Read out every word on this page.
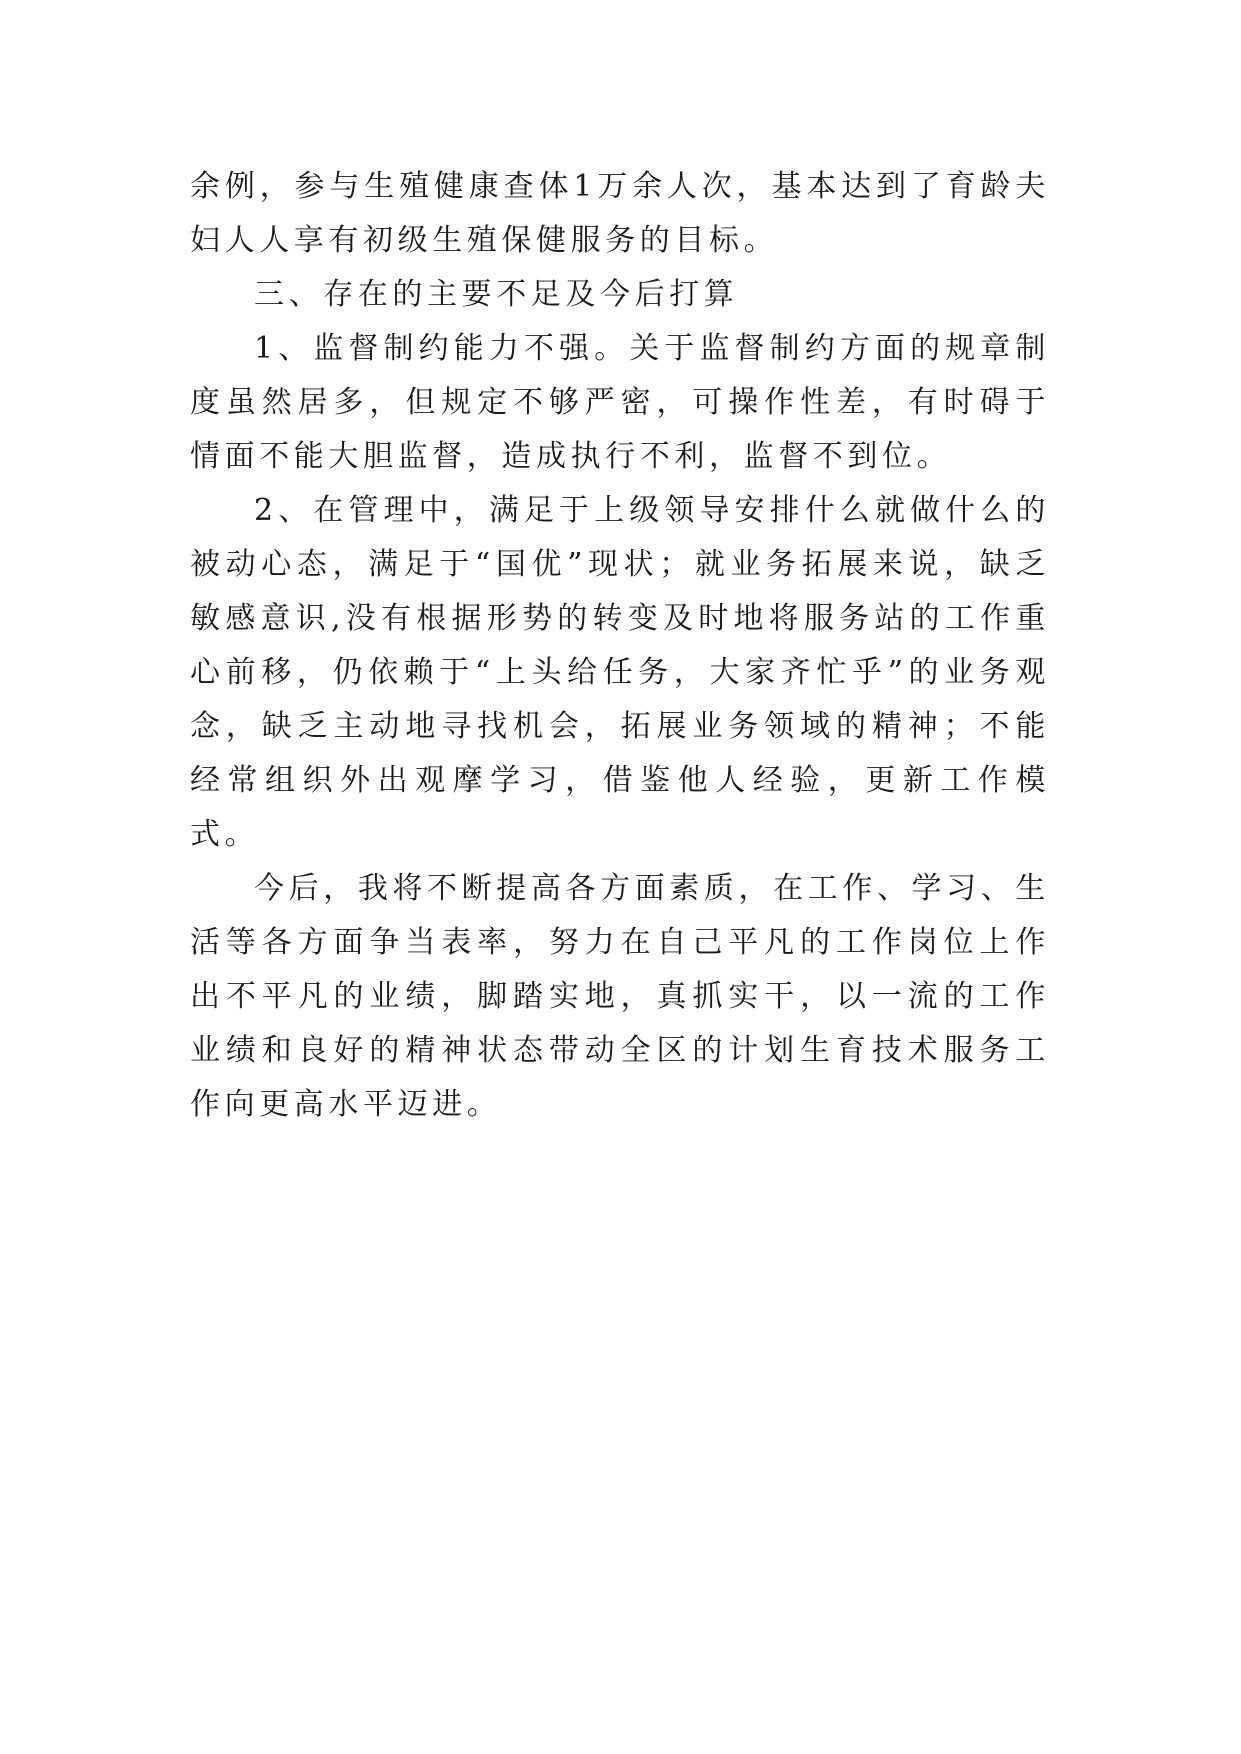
余例，参与生殖健康查体1万余人次，基本达到了育龄夫妇人人享有初级生殖保健服务的目标。

三、存在的主要不足及今后打算

1、监督制约能力不强。关于监督制约方面的规章制度虽然居多，但规定不够严密，可操作性差，有时碍于情面不能大胆监督，造成执行不利，监督不到位。

2、在管理中，满足于上级领导安排什么就做什么的被动心态，满足于“国优”现状；就业务拓展来说，缺乏敏感意识,没有根据形势的转变及时地将服务站的工作重心前移，仍依赖于“上头给任务，大家齐忙乎”的业务观念，缺乏主动地寻找机会，拓展业务领域的精神；不能经常组织外出观摩学习，借鉴他人经验，更新工作模式。

今后，我将不断提高各方面素质，在工作、学习、生活等各方面争当表率，努力在自己平凡的工作岗位上作出不平凡的业绩，脚踏实地，真抓实干，以一流的工作业绩和良好的精神状态带动全区的计划生育技术服务工作向更高水平迈进。
